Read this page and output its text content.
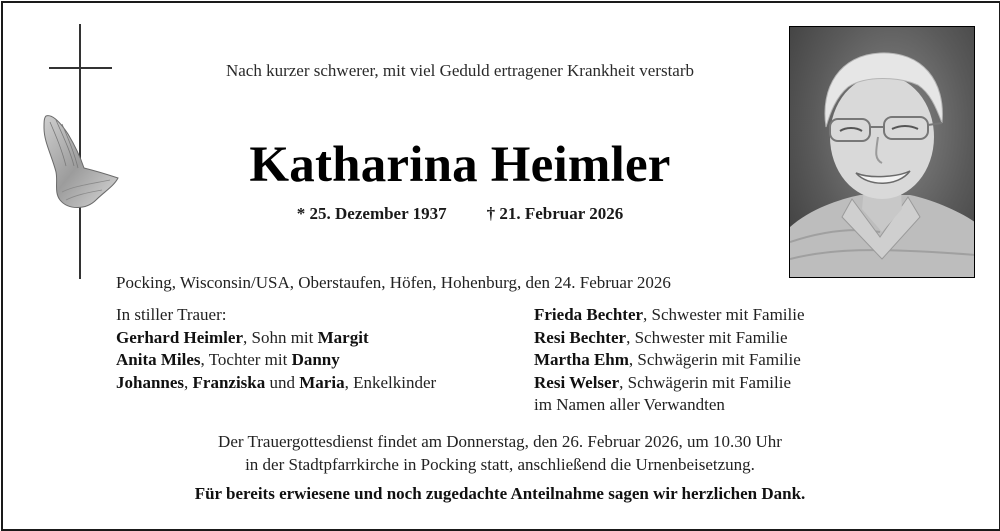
Nach kurzer schwerer, mit viel Geduld ertragener Krankheit verstarb
Katharina Heimler
* 25. Dezember 1937 † 21. Februar 2026
Pocking, Wisconsin/USA, Oberstaufen, Höfen, Hohenburg, den 24. Februar 2026
In stiller Trauer:
Gerhard Heimler, Sohn mit Margit
Anita Miles, Tochter mit Danny
Johannes, Franziska und Maria, Enkelkinder
Frieda Bechter, Schwester mit Familie
Resi Bechter, Schwester mit Familie
Martha Ehm, Schwägerin mit Familie
Resi Welser, Schwägerin mit Familie
im Namen aller Verwandten
Der Trauergottesdienst findet am Donnerstag, den 26. Februar 2026, um 10.30 Uhr
in der Stadtpfarrkirche in Pocking statt, anschließend die Urnenbeisetzung.
Für bereits erwiesene und noch zugedachte Anteilnahme sagen wir herzlichen Dank.
